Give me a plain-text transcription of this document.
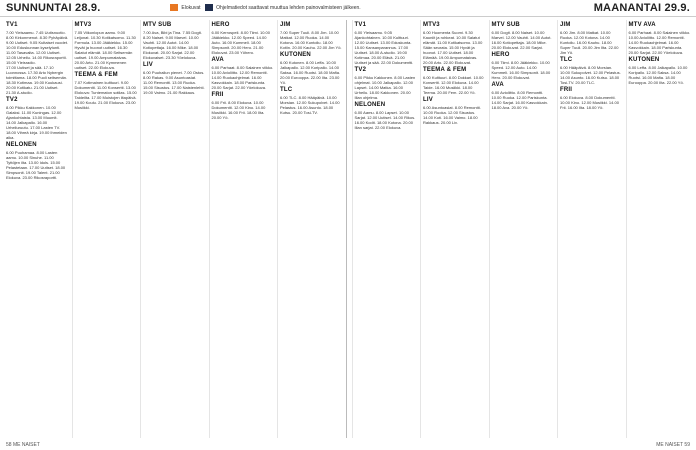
SUNNUNTAI 28.9.	Elokuvat	Ohjelmatiedot saattavat muuttua lehden painovalmisteen jälkeen.	MAANANTAI 29.9.
TV1

7.00 Yleisaamu. 7.45 Uutisnuotio. 8.00 Kirkonmenot. 8.30 Pyhäpäivä. 9.00 Uutiset. 9.05 Kultaiset vuodet. 10.00 Eduskunnan kyselytunti. 11.00 Tasavalta. 12.00 Uutiset. 12.05 Urheilu. 14.00 Rikosraportti. 15.00 Yleisradio.

17.00 Uutiset ja sää. 17.10 Luonnossa. 17.30 Arto Nybergin toimittama. 18.00 Puoli seitsemän. 18.30 Kotimaa. 19.00 Kuukausi. 20.00 Kotikatu. 21.00 Uutiset. 21.30 A-studio.

TV2

8.00 Pikku Kakkonen. 10.00 Galaksi. 11.00 Kuningas. 12.00 Ajankohtaista. 13.00 Muumit. 14.00 Jalkapallo. 16.00 Urheiluruutu. 17.00 Lasten TV. 18.00 Vihreä kirja. 19.00 Ihmeiden aika.

NELONEN

6.00 Puuhamaa. 8.00 Lasten aamu. 10.00 Sinuhe. 11.00 Tyttöjen ilta. 13.00 Idols. 15.00 Pelastetaan. 17.00 Uutiset. 18.00 Simpsonit. 19.00 Talent. 21.00 Elokuva. 23.00 Rikosraportti.

MTV3

7.05 Viikonlopun aamu. 9.00 Leijonat. 10.30 Kotikatsomo. 11.30 Formula. 13.00 Jääkiekko. 15.00 Hyvät ja huonot uutiset. 16.30 Salatut elämät. 18.00 Seitsemän uutiset. 19.00 Ampumataivas. 20.00 Arto. 21.00 Kymmenen uutiset. 22.00 Elokuva.

TEEMA & FEM

7.07 Kotimainen kulttuuri. 9.00 Dokumentti. 11.00 Konsertti. 13.00 Elokuva: Tuntematon sotilas. 15.00 Taideilta. 17.00 Muistojen iltapäivä. 19.00 Koulu. 21.00 Elokuva. 23.00 Musiikki.

MTV SUB

7.00 Ava, Bibi ja Tina. 7.55 Dogit. 8.20 Naiset. 9.00 Marvel. 10.00 Vauhti. 12.00 Autot. 14.00 Kotiopettaja. 16.00 Mike. 18.00 Elokuvat. 20.00 Sarjat. 22.00 Elokuvaiset. 23.30 Yöelokuva.

LIV

6.00 Puuhailun pienet. 7.00 Ostos. 8.00 Rakas. 9.00 Asuntoasiat. 11.00 Remontti. 13.00 Ruoka. 15.00 Sisustus. 17.00 Naistenlehti. 19.00 Vaimo. 21.00 Rakkaus.

HERO

6.00 Kerrospeli. 8.00 Tiimi. 10.00 Jääkiekko. 12.00 Speed. 14.00 Auto. 16.00 Kummeli. 18.00 Simpsonit. 20.00 Hero. 21.00 Elokuvat. 23.00 Yöhero.

AVA

6.00 Parhaat. 8.00 Salainen viikko. 10.00 Avioliitto. 12.00 Remontti. 14.00 Ruokaohjelmat. 16.00 Kasvokkain. 18.00 Pariskunta. 20.00 Sarjat. 22.00 Yöelokuva.

FRII

6.00 Frii. 8.00 Elokuva. 10.00 Dokumentti. 12.00 Kino. 14.00 Musiikki. 16.00 Frii. 18.00 Ilta. 20.00 Yö.

JIM

7.00 Super Tuuli. 8.00 Jim. 10.00 Matkat. 12.00 Ruoka. 14.00 Kotona. 16.00 Kuntoilu. 18.00 Kotiin. 20.00 Kauhu. 22.00 Jim Yö.

KUTONEN

6.00 Kutonen. 8.00 Leffa. 10.00 Jalkapallo. 12.00 Koripallo. 14.00 Saksa. 16.00 Ruotsi. 18.00 Mafia. 20.00 Eurooppa. 22.00 Ilta. 23.00 Yö.

TLC

6.00 TLC. 8.00 Hääpäivä. 10.00 Morsian. 12.00 Sukupolvet. 14.00 Pelastus. 16.00 Asunto. 18.00 Kutsu. 20.00 Tosi-TV.

TV1

6.00 Yleisaamu. 9.05 Ajankohtainen. 10.00 Kulttuuri. 12.00 Uutiset. 13.00 Eduskunta. 15.00 Kansanparannus. 17.00 Uutiset. 18.00 A-studio. 19.00 Kotimaa. 20.00 Elävä. 21.00 Uutiset ja sää. 22.00 Dokumentti.

TV2

6.00 Pikku Kakkonen. 8.00 Lasten ohjelmat. 10.00 Jalkapallo. 12.00 Lapset. 14.00 Matka. 16.00 Urheilu. 18.00 Kakkonen. 20.00 Illan ohjelma.

NELONEN

6.00 Aamu. 8.00 Lapset. 10.00 Sarjat. 12.00 Uutiset. 14.00 Rikos. 16.00 Kodit. 18.00 Kotona. 20.00 Illan sarjat. 22.00 Elokuva.

MTV3

6.00 Huomenta Suomi. 9.30 Kauniit ja rohkeat. 10.00 Salatut elämät. 11.00 Kotikatsomo. 13.00 Sään seurata. 15.00 Hyvät ja huonot. 17.00 Uutiset. 18.00 Elämää. 19.00 Ampumataivas. 20.00 Arto. 22.00 Elokuvat.

TEEMA & FEM

6.00 Kulttuuri. 8.00 Dokkari. 10.00 Konsertti. 12.00 Elokuva. 14.00 Taide. 16.00 Musiikki. 18.00 Teema. 20.00 Fem. 22.00 Yö.

LIV

6.00 Asuntoasiat. 8.00 Remontti. 10.00 Ruoka. 12.00 Sisustus. 14.00 Koti. 16.00 Vaimo. 18.00 Rakkaus. 20.00 Liv.

MTV SUB

6.00 Dogit. 8.00 Naiset. 10.00 Marvel. 12.00 Vauhti. 14.00 Autot. 16.00 Kotiopettaja. 18.00 Mike. 20.00 Elokuvat. 22.00 Sarjat.

HERO

6.00 Tiimi. 8.00 Jääkiekko. 10.00 Speed. 12.00 Auto. 14.00 Kummeli. 16.00 Simpsonit. 18.00 Hero. 20.00 Elokuvat.

AVA

6.00 Avioliitto. 8.00 Remontti. 10.00 Ruoka. 12.00 Pariskunta. 14.00 Sarjat. 16.00 Kasvokkain. 18.00 Ava. 20.00 Yö.

JIM

6.00 Jim. 8.00 Matkat. 10.00 Ruoka. 12.00 Kotona. 14.00 Kuntoilu. 16.00 Kauhu. 18.00 Super Tuuli. 20.00 Jim Ilta. 22.00 Jim Yö.

TLC

6.00 Hääpäivä. 8.00 Morsian. 10.00 Sukupolvet. 12.00 Pelastus. 14.00 Asunto. 16.00 Kutsu. 18.00 Tosi-TV. 20.00 TLC.

FRII

6.00 Elokuva. 8.00 Dokumentti. 10.00 Kino. 12.00 Musiikki. 14.00 Frii. 16.00 Ilta. 18.00 Yö.

MTV AVA

6.00 Parhaat. 8.00 Salainen viikko. 10.00 Avioliitto. 12.00 Remontti. 14.00 Ruokaohjelmat. 16.00 Kasvokkain. 18.00 Pariskunta. 20.00 Sarjat. 22.00 Yöelokuva.

KUTONEN

6.00 Leffa. 8.00 Jalkapallo. 10.00 Koripallo. 12.00 Saksa. 14.00 Ruotsi. 16.00 Mafia. 18.00 Eurooppa. 20.00 Ilta. 22.00 Yö.

58 ME NAISET	ME NAISET 59
